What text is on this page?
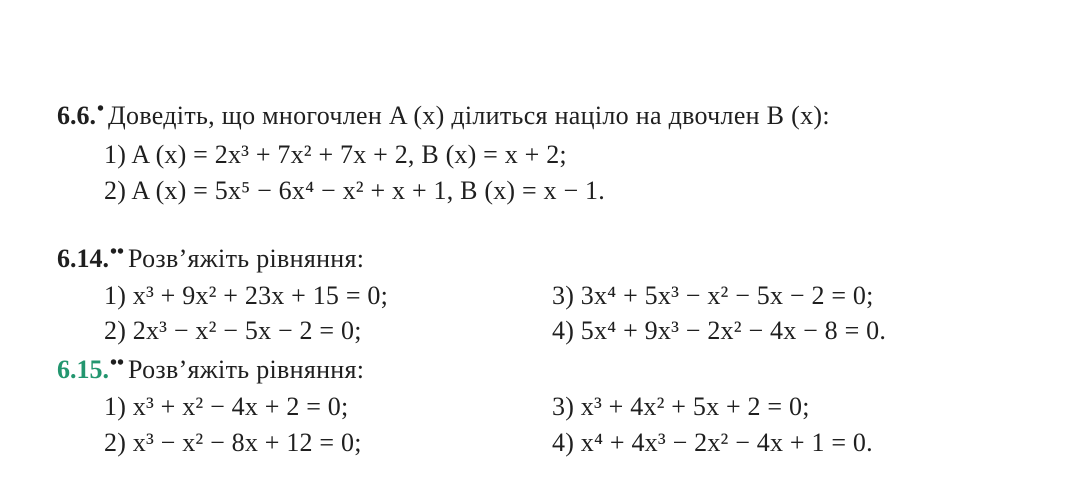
6.6.• Доведіть, що многочлен A (x) ділиться націло на двочлен B (x):
1) A (x) = 2x³ + 7x² + 7x + 2, B (x) = x + 2;
2) A (x) = 5x⁵ − 6x⁴ − x² + x + 1, B (x) = x − 1.
6.14.•• Розв’яжіть рівняння:
1) x³ + 9x² + 23x + 15 = 0;	3) 3x⁴ + 5x³ − x² − 5x − 2 = 0;
2) 2x³ − x² − 5x − 2 = 0;	4) 5x⁴ + 9x³ − 2x² − 4x − 8 = 0.
6.15.•• Розв’яжіть рівняння:
1) x³ + x² − 4x + 2 = 0;	3) x³ + 4x² + 5x + 2 = 0;
2) x³ − x² − 8x + 12 = 0;	4) x⁴ + 4x³ − 2x² − 4x + 1 = 0.
